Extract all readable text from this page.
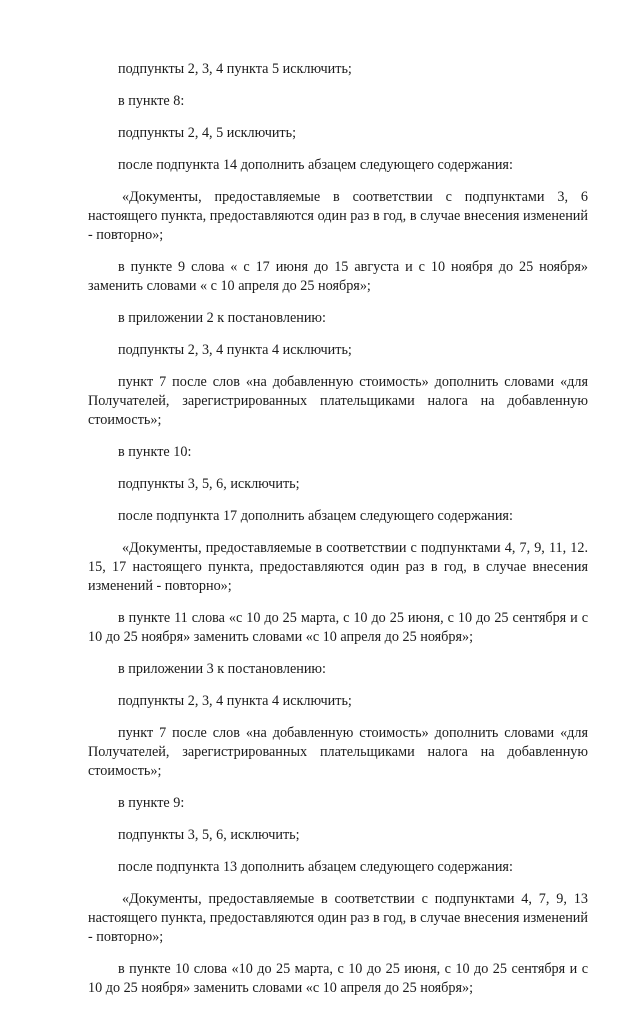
подпункты 2, 3, 4 пункта 5 исключить;

в пункте 8:

подпункты 2, 4, 5 исключить;

после подпункта 14 дополнить абзацем следующего содержания:

«Документы, предоставляемые в соответствии с подпунктами 3, 6 настоящего пункта, предоставляются один раз в год, в случае внесения изменений - повторно»;

в пункте 9 слова « с 17 июня до 15 августа и с 10 ноября до 25 ноября» заменить словами « с 10 апреля до 25 ноября»;

в приложении 2 к постановлению:

подпункты 2, 3, 4 пункта 4 исключить;

пункт 7 после слов «на добавленную стоимость» дополнить словами «для Получателей, зарегистрированных плательщиками налога на добавленную стоимость»;

в пункте 10:

подпункты 3, 5, 6, исключить;

после подпункта 17 дополнить абзацем следующего содержания:

«Документы, предоставляемые в соответствии с подпунктами 4, 7, 9, 11, 12. 15, 17 настоящего пункта, предоставляются один раз в год, в случае внесения изменений - повторно»;

в пункте 11 слова «с 10 до 25 марта, с 10 до 25 июня, с 10 до 25 сентября и с 10 до 25 ноября» заменить словами «с 10 апреля до 25 ноября»;

в приложении 3 к постановлению:

подпункты 2, 3, 4 пункта 4 исключить;

пункт 7 после слов «на добавленную стоимость» дополнить словами «для Получателей, зарегистрированных плательщиками налога на добавленную стоимость»;

в пункте 9:

подпункты 3, 5, 6, исключить;

после подпункта 13 дополнить абзацем следующего содержания:

«Документы, предоставляемые в соответствии с подпунктами 4, 7, 9, 13 настоящего пункта, предоставляются один раз в год, в случае внесения изменений - повторно»;

в пункте 10 слова «10 до 25 марта, с 10 до 25 июня, с 10 до 25 сентября и с 10 до 25 ноября» заменить словами «с 10 апреля до 25 ноября»;
